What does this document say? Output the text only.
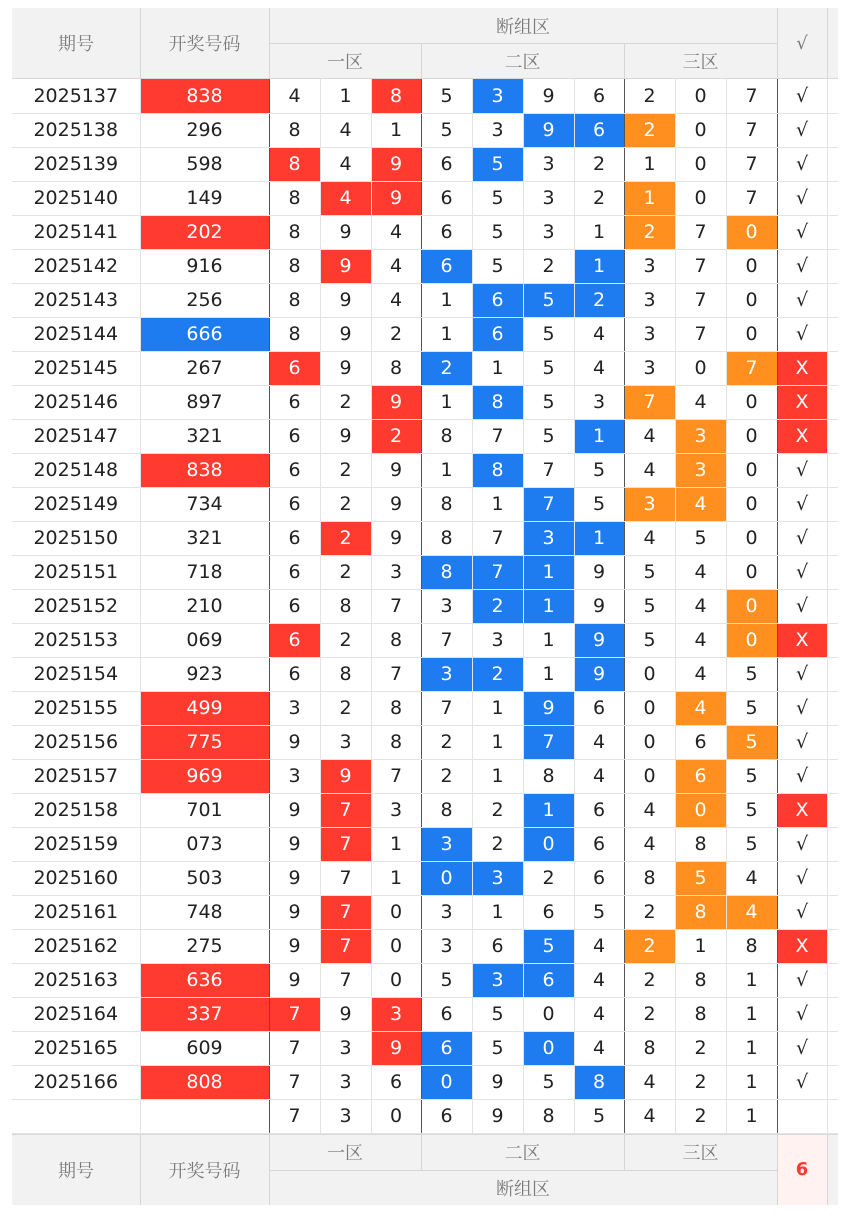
期号	开奖号码
断组区
一区	二区	三区
√
2025137	838	4	1	8	5	3	9	6	2	0	7	√	
2025138	296	8	4	1	5	3	9	6	2	0	7	√	
2025139	598	8	4	9	6	5	3	2	1	0	7	√	
2025140	149	8	4	9	6	5	3	2	1	0	7	√	
2025141	202	8	9	4	6	5	3	1	2	7	0	√	
2025142	916	8	9	4	6	5	2	1	3	7	0	√	
2025143	256	8	9	4	1	6	5	2	3	7	0	√	
2025144	666	8	9	2	1	6	5	4	3	7	0	√	
2025145	267	6	9	8	2	1	5	4	3	0	7	X	
2025146	897	6	2	9	1	8	5	3	7	4	0	X	
2025147	321	6	9	2	8	7	5	1	4	3	0	X	
2025148	838	6	2	9	1	8	7	5	4	3	0	√	
2025149	734	6	2	9	8	1	7	5	3	4	0	√	
2025150	321	6	2	9	8	7	3	1	4	5	0	√	
2025151	718	6	2	3	8	7	1	9	5	4	0	√	
2025152	210	6	8	7	3	2	1	9	5	4	0	√	
2025153	069	6	2	8	7	3	1	9	5	4	0	X	
2025154	923	6	8	7	3	2	1	9	0	4	5	√	
2025155	499	3	2	8	7	1	9	6	0	4	5	√	
2025156	775	9	3	8	2	1	7	4	0	6	5	√	
2025157	969	3	9	7	2	1	8	4	0	6	5	√	
2025158	701	9	7	3	8	2	1	6	4	0	5	X	
2025159	073	9	7	1	3	2	0	6	4	8	5	√	
2025160	503	9	7	1	0	3	2	6	8	5	4	√	
2025161	748	9	7	0	3	1	6	5	2	8	4	√	
2025162	275	9	7	0	3	6	5	4	2	1	8	X	
2025163	636	9	7	0	5	3	6	4	2	8	1	√	
2025164	337	7	9	3	6	5	0	4	2	8	1	√	
2025165	609	7	3	9	6	5	0	4	8	2	1	√	
2025166	808	7	3	6	0	9	5	8	4	2	1	√	
		7	3	0	6	9	8	5	4	2	1		
期号	开奖号码
一区	二区	三区
断组区
6
